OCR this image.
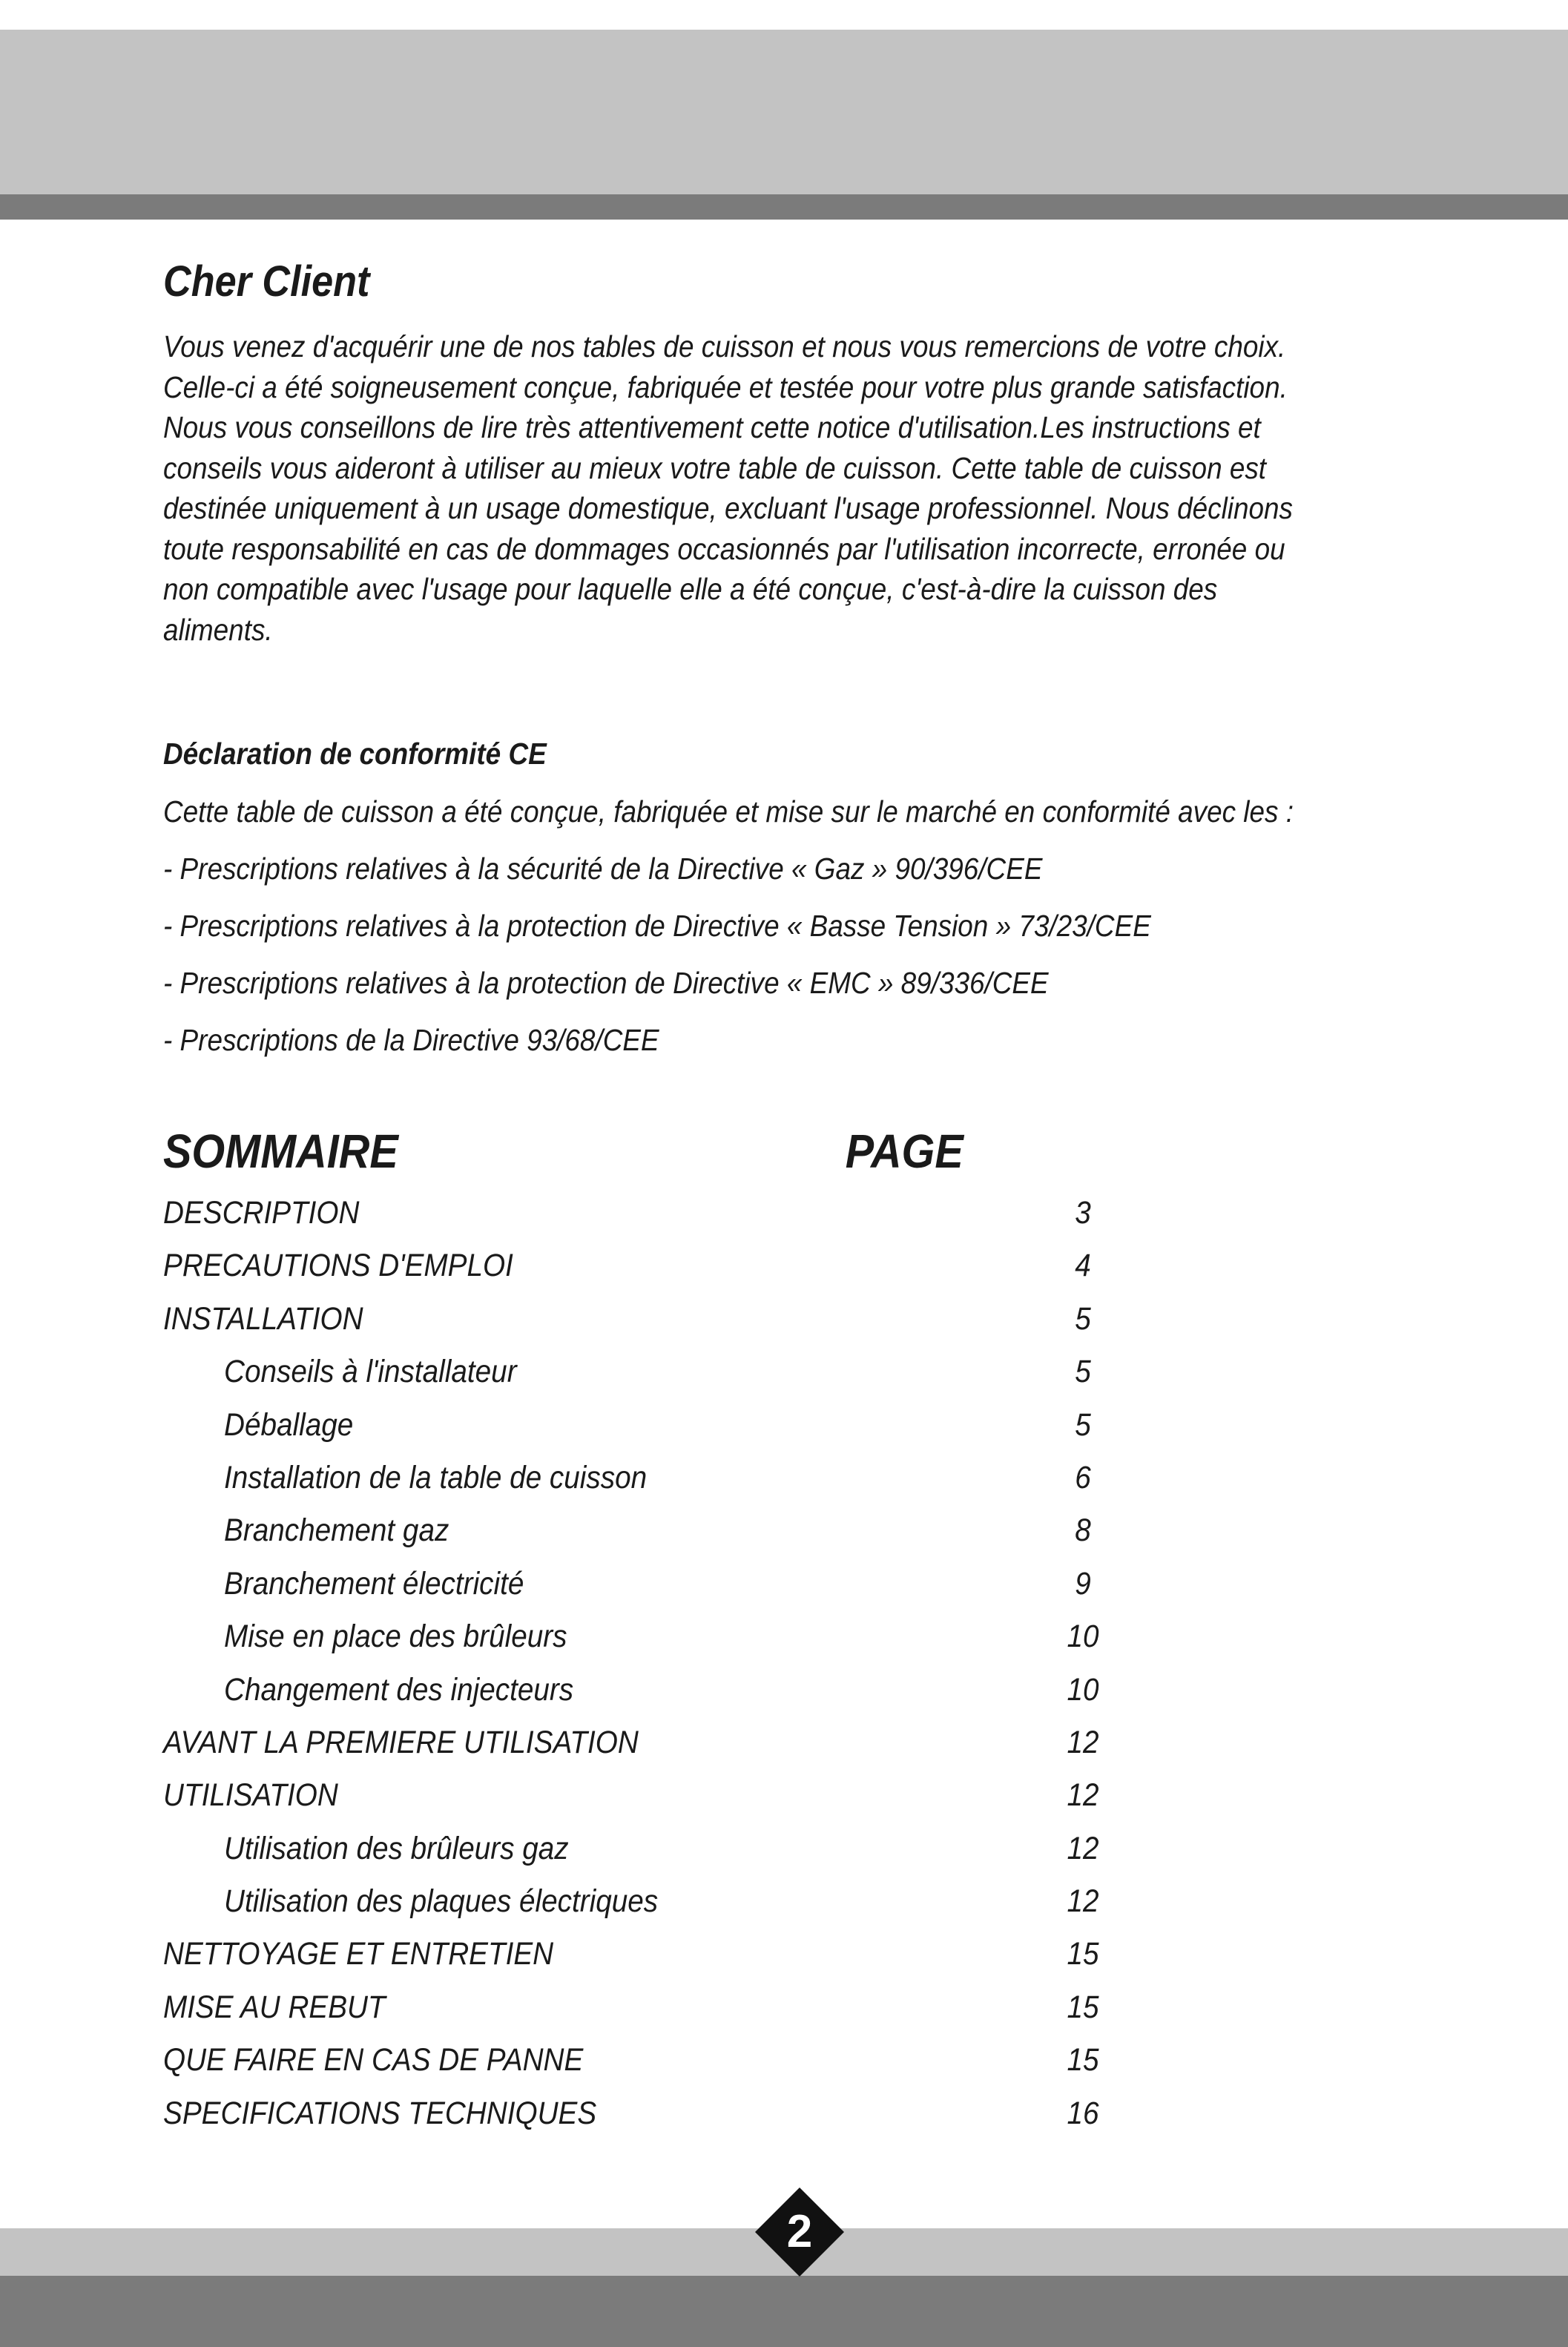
Cher Client

Vous venez d'acquérir une de nos tables de cuisson et nous vous remercions de votre choix.

Celle-ci a été soigneusement conçue, fabriquée et testée pour votre plus grande satisfaction.

Nous vous conseillons de lire très attentivement cette notice d'utilisation.Les instructions et

conseils vous aideront à utiliser au mieux votre table de cuisson. Cette table de cuisson est

destinée uniquement à un usage domestique, excluant l'usage professionnel. Nous déclinons

toute responsabilité en cas de dommages occasionnés par l'utilisation incorrecte, erronée ou

non compatible avec l'usage pour laquelle elle a été conçue, c'est-à-dire la cuisson des

aliments.

Déclaration de conformité CE

Cette table de cuisson a été conçue, fabriquée et mise sur le marché en conformité avec les :

- Prescriptions relatives à la sécurité de la Directive « Gaz » 90/396/CEE

- Prescriptions relatives à la protection de Directive « Basse Tension » 73/23/CEE

- Prescriptions relatives à la protection de Directive « EMC » 89/336/CEE

- Prescriptions de la Directive 93/68/CEE

SOMMAIRE	PAGE
DESCRIPTION	3
PRECAUTIONS D'EMPLOI	4
INSTALLATION	5
Conseils à l'installateur	5
Déballage	5
Installation de la table de cuisson	6
Branchement gaz	8
Branchement électricité	9
Mise en place des brûleurs	10
Changement des injecteurs	10
AVANT LA PREMIERE UTILISATION	12
UTILISATION	12
Utilisation des brûleurs gaz	12
Utilisation des plaques électriques	12
NETTOYAGE ET ENTRETIEN	15
MISE AU REBUT	15
QUE FAIRE EN CAS DE PANNE	15
SPECIFICATIONS TECHNIQUES	16
2
